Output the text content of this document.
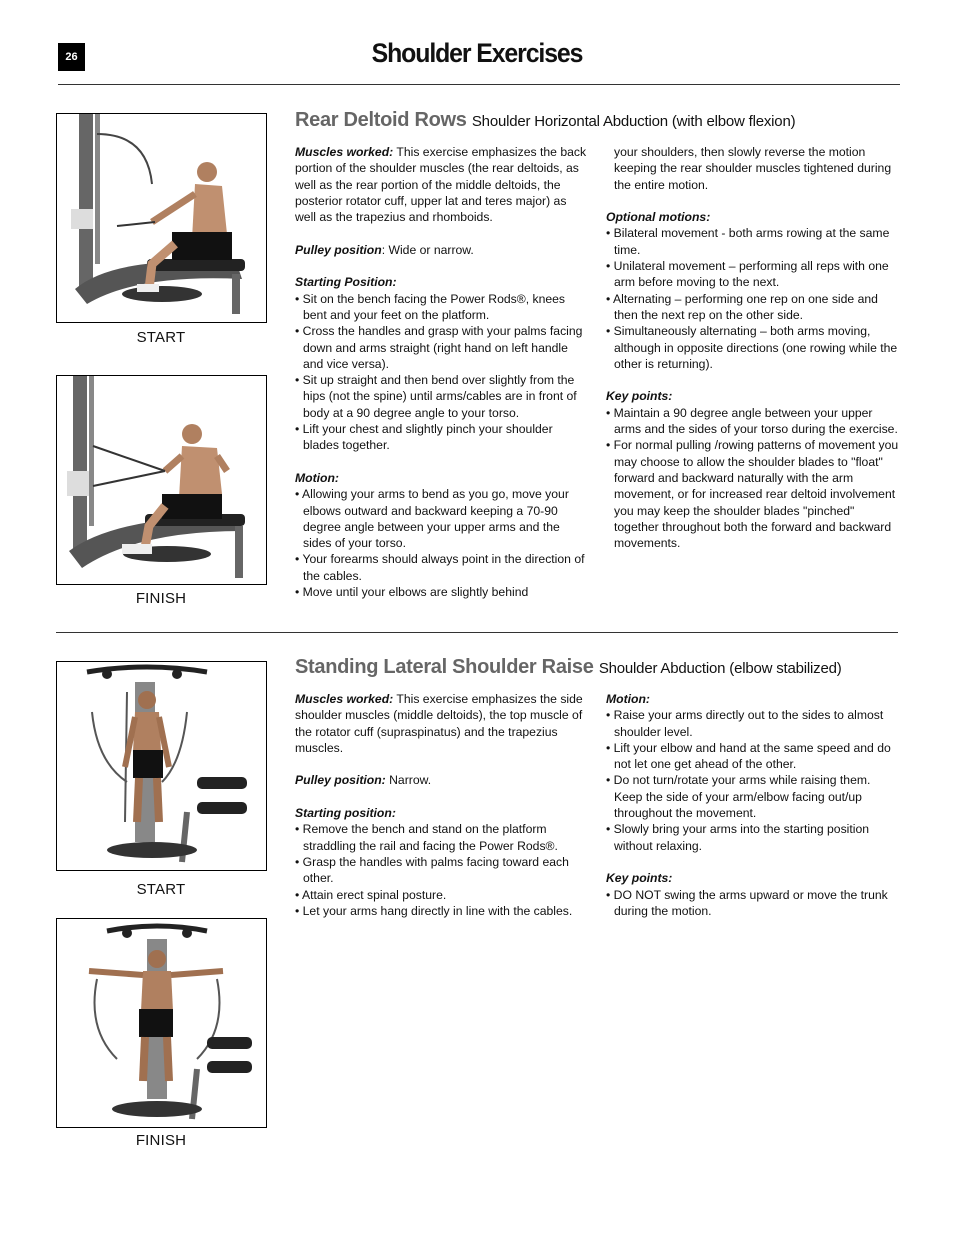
26	Shoulder Exercises
START
FINISH
Rear Deltoid Rows Shoulder Horizontal Abduction (with elbow flexion)

Muscles worked: This exercise emphasizes the back portion of the shoulder muscles (the rear deltoids, as well as the rear portion of the middle deltoids, the posterior rotator cuff, upper lat and teres major) as well as the trapezius and rhomboids.

Pulley position: Wide or narrow.

Starting Position:

• Sit on the bench facing the Power Rods®, knees bent and your feet on the platform.
• Cross the handles and grasp with your palms facing down and arms straight (right hand on left handle and vice versa).
• Sit up straight and then bend over slightly from the hips (not the spine) until arms/cables are in front of body at a 90 degree angle to your torso.
• Lift your chest and slightly pinch your shoulder blades together.

Motion:

• Allowing your arms to bend as you go, move your elbows outward and backward keeping a 70-90 degree angle between your upper arms and the sides of your torso.
• Your forearms should always point in the direction of the cables.
• Move until your elbows are slightly behind

your shoulders, then slowly reverse the motion keeping the rear shoulder muscles tightened during the entire motion.

Optional motions:

• Bilateral movement - both arms rowing at the same time.
• Unilateral movement – performing all reps with one arm before moving to the next.
• Alternating – performing one rep on one side and then the next rep on the other side.
• Simultaneously alternating – both arms moving, although in opposite directions (one rowing while the other is returning).

Key points:

• Maintain a 90 degree angle between your upper arms and the sides of your torso during the exercise.
• For normal pulling /rowing patterns of movement you may choose to allow the shoulder blades to "float" forward and backward naturally with the arm movement, or for increased rear deltoid involvement you may keep the shoulder blades "pinched" together throughout both the forward and backward movements.
START
FINISH
Standing Lateral Shoulder Raise Shoulder Abduction (elbow stabilized)

Muscles worked: This exercise emphasizes the side shoulder muscles (middle deltoids), the top muscle of the rotator cuff (supraspinatus) and the trapezius muscles.

Pulley position: Narrow.

Starting position:

• Remove the bench and stand on the platform straddling the rail and facing the Power Rods®.
• Grasp the handles with palms facing toward each other.
• Attain erect spinal posture.
• Let your arms hang directly in line with the cables.

Motion:

• Raise your arms directly out to the sides to almost shoulder level.
• Lift your elbow and hand at the same speed and do not let one get ahead of the other.
• Do not turn/rotate your arms while raising them. Keep the side of your arm/elbow facing out/up throughout the movement.
• Slowly bring your arms into the starting position without relaxing.

Key points:

• DO NOT swing the arms upward or move the trunk during the motion.
